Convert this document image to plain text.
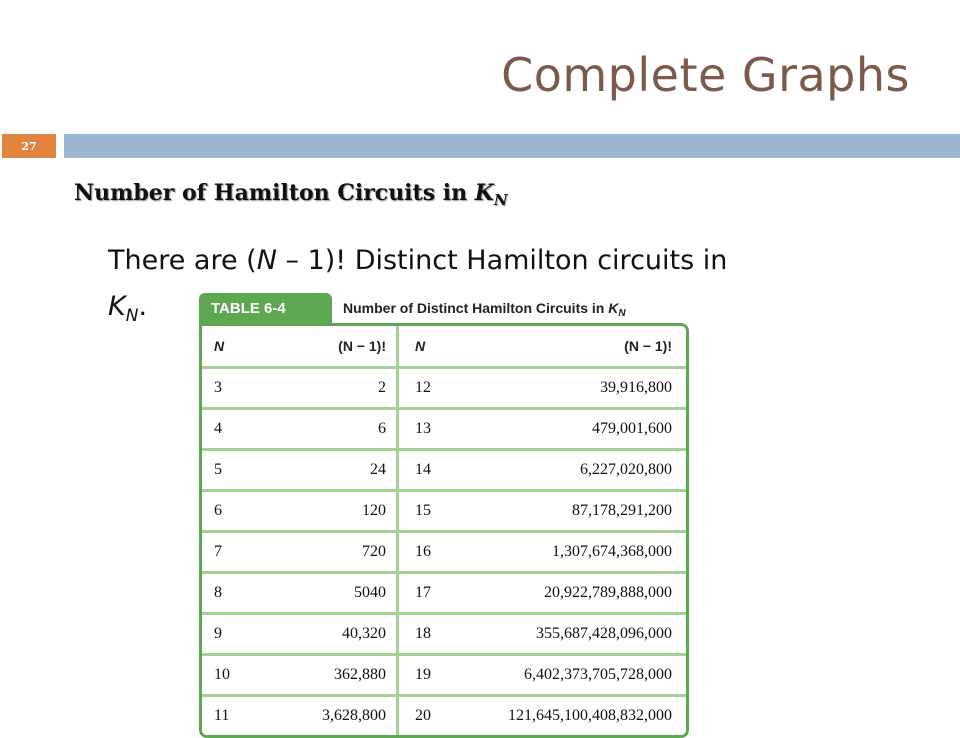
Complete Graphs
27
Number of Hamilton Circuits in $K_N$
There are (N – 1)! Distinct Hamilton circuits in
$K_N$.	TABLE 6-4	Number of Distinct Hamilton Circuits in $K_N$
N	(N − 1)!	N	(N − 1)!
3	2	12	39,916,800
4	6	13	479,001,600
5	24	14	6,227,020,800
6	120	15	87,178,291,200
7	720	16	1,307,674,368,000
8	5040	17	20,922,789,888,000
9	40,320	18	355,687,428,096,000
10	362,880	19	6,402,373,705,728,000
11	3,628,800	20	121,645,100,408,832,000
